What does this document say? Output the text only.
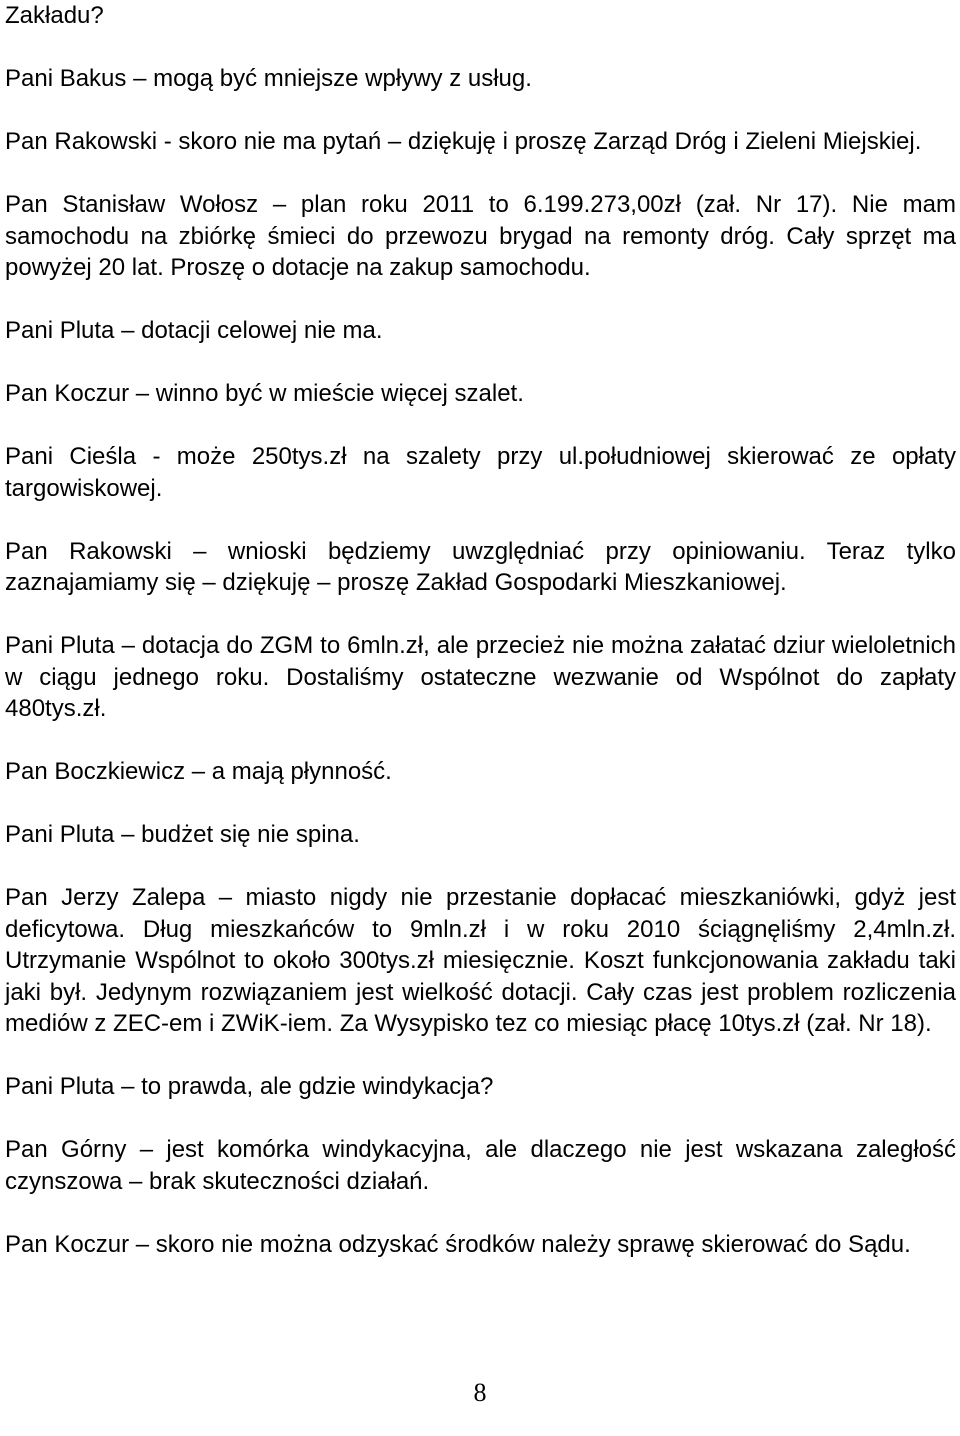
Zakładu?

Pani Bakus – mogą być mniejsze wpływy z usług.

Pan Rakowski - skoro nie ma pytań – dziękuję i proszę Zarząd Dróg i Zieleni Miejskiej.

Pan Stanisław Wołosz – plan roku 2011 to 6.199.273,00zł (zał. Nr 17). Nie mam samochodu na zbiórkę śmieci do przewozu brygad na remonty dróg. Cały sprzęt ma powyżej 20 lat. Proszę o dotacje na zakup samochodu.

Pani Pluta – dotacji celowej nie ma.

Pan Koczur – winno być w mieście więcej szalet.

Pani Cieśla - może 250tys.zł na szalety przy ul.południowej skierować ze opłaty targowiskowej.

Pan Rakowski – wnioski będziemy uwzględniać przy opiniowaniu. Teraz tylko zaznajamiamy się – dziękuję – proszę Zakład Gospodarki Mieszkaniowej.

Pani Pluta – dotacja do ZGM to 6mln.zł, ale przecież nie można załatać dziur wieloletnich w ciągu jednego roku. Dostaliśmy ostateczne wezwanie od Wspólnot do zapłaty 480tys.zł.

Pan Boczkiewicz – a mają płynność.

Pani Pluta – budżet się nie spina.

Pan Jerzy Zalepa – miasto nigdy nie przestanie dopłacać mieszkaniówki, gdyż jest deficytowa. Dług mieszkańców to 9mln.zł i w roku 2010 ściągnęliśmy 2,4mln.zł. Utrzymanie Wspólnot to około 300tys.zł miesięcznie. Koszt funkcjonowania zakładu taki jaki był. Jedynym rozwiązaniem jest wielkość dotacji. Cały czas jest problem rozliczenia mediów z ZEC-em i ZWiK-iem. Za Wysypisko tez co miesiąc płacę 10tys.zł (zał. Nr 18).

Pani Pluta – to prawda, ale gdzie windykacja?

Pan Górny – jest komórka windykacyjna, ale dlaczego nie jest wskazana zaległość czynszowa – brak skuteczności działań.

Pan Koczur – skoro nie można odzyskać środków należy sprawę skierować do Sądu.

8
